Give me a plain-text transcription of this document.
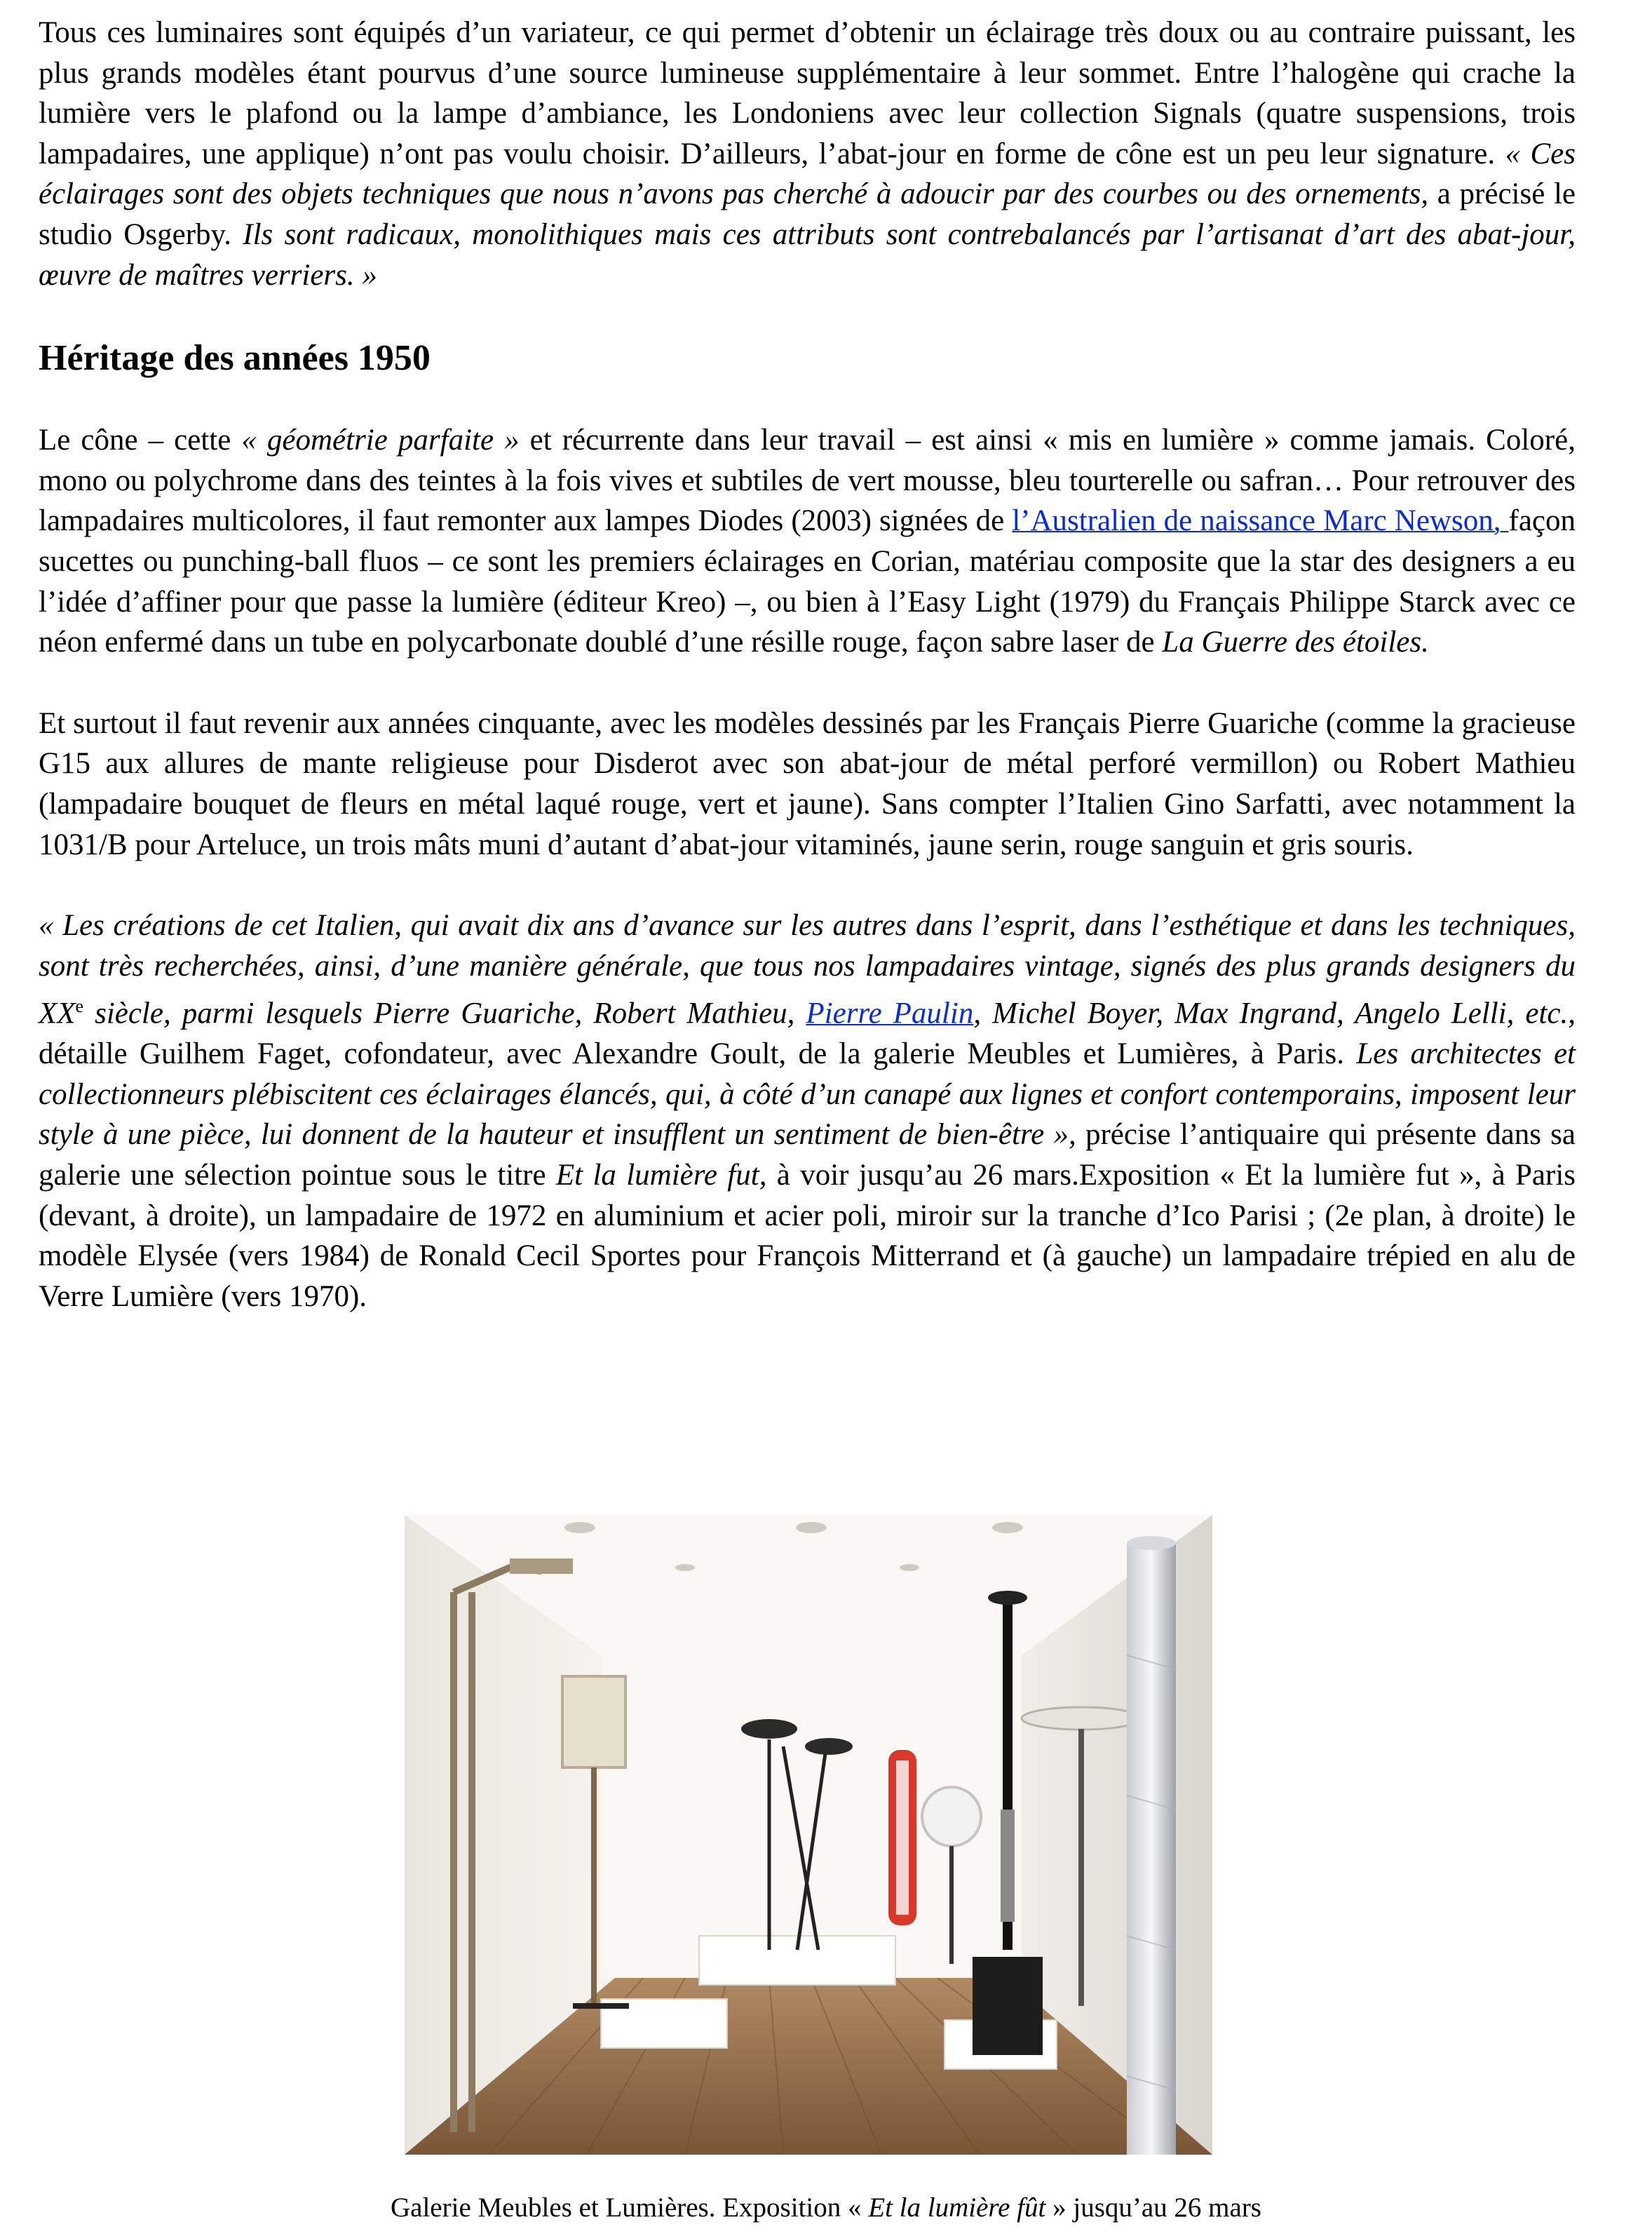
Tous ces luminaires sont équipés d’un variateur, ce qui permet d’obtenir un éclairage très doux ou au contraire puissant, les plus grands modèles étant pourvus d’une source lumineuse supplémentaire à leur sommet. Entre l’halogène qui crache la lumière vers le plafond ou la lampe d’ambiance, les Londoniens avec leur collection Signals (quatre suspensions, trois lampadaires, une applique) n’ont pas voulu choisir. D’ailleurs, l’abat-jour en forme de cône est un peu leur signature. « Ces éclairages sont des objets techniques que nous n’avons pas cherché à adoucir par des courbes ou des ornements, a précisé le studio Osgerby. Ils sont radicaux, monolithiques mais ces attributs sont contrebalancés par l’artisanat d’art des abat-jour, œuvre de maîtres verriers. »

Héritage des années 1950

Le cône – cette « géométrie parfaite » et récurrente dans leur travail – est ainsi « mis en lumière » comme jamais. Coloré, mono ou polychrome dans des teintes à la fois vives et subtiles de vert mousse, bleu tourterelle ou safran… Pour retrouver des lampadaires multicolores, il faut remonter aux lampes Diodes (2003) signées de l’Australien de naissance Marc Newson, façon sucettes ou punching-ball fluos – ce sont les premiers éclairages en Corian, matériau composite que la star des designers a eu l’idée d’affiner pour que passe la lumière (éditeur Kreo) –, ou bien à l’Easy Light (1979) du Français Philippe Starck avec ce néon enfermé dans un tube en polycarbonate doublé d’une résille rouge, façon sabre laser de La Guerre des étoiles.

Et surtout il faut revenir aux années cinquante, avec les modèles dessinés par les Français Pierre Guariche (comme la gracieuse G15 aux allures de mante religieuse pour Disderot avec son abat-jour de métal perforé vermillon) ou Robert Mathieu (lampadaire bouquet de fleurs en métal laqué rouge, vert et jaune). Sans compter l’Italien Gino Sarfatti, avec notamment la 1031/B pour Arteluce, un trois mâts muni d’autant d’abat-jour vitaminés, jaune serin, rouge sanguin et gris souris.

« Les créations de cet Italien, qui avait dix ans d’avance sur les autres dans l’esprit, dans l’esthétique et dans les techniques, sont très recherchées, ainsi, d’une manière générale, que tous nos lampadaires vintage, signés des plus grands designers du XXe siècle, parmi lesquels Pierre Guariche, Robert Mathieu, Pierre Paulin, Michel Boyer, Max Ingrand, Angelo Lelli, etc., détaille Guilhem Faget, cofondateur, avec Alexandre Goult, de la galerie Meubles et Lumières, à Paris. Les architectes et collectionneurs plébiscitent ces éclairages élancés, qui, à côté d’un canapé aux lignes et confort contemporains, imposent leur style à une pièce, lui donnent de la hauteur et insufflent un sentiment de bien-être », précise l’antiquaire qui présente dans sa galerie une sélection pointue sous le titre Et la lumière fut, à voir jusqu’au 26 mars.Exposition « Et la lumière fut », à Paris (devant, à droite), un lampadaire de 1972 en aluminium et acier poli, miroir sur la tranche d’Ico Parisi ; (2e plan, à droite) le modèle Elysée (vers 1984) de Ronald Cecil Sportes pour François Mitterrand et (à gauche) un lampadaire trépied en alu de Verre Lumière (vers 1970).

Galerie Meubles et Lumières. Exposition « Et la lumière fût » jusqu’au 26 mars
